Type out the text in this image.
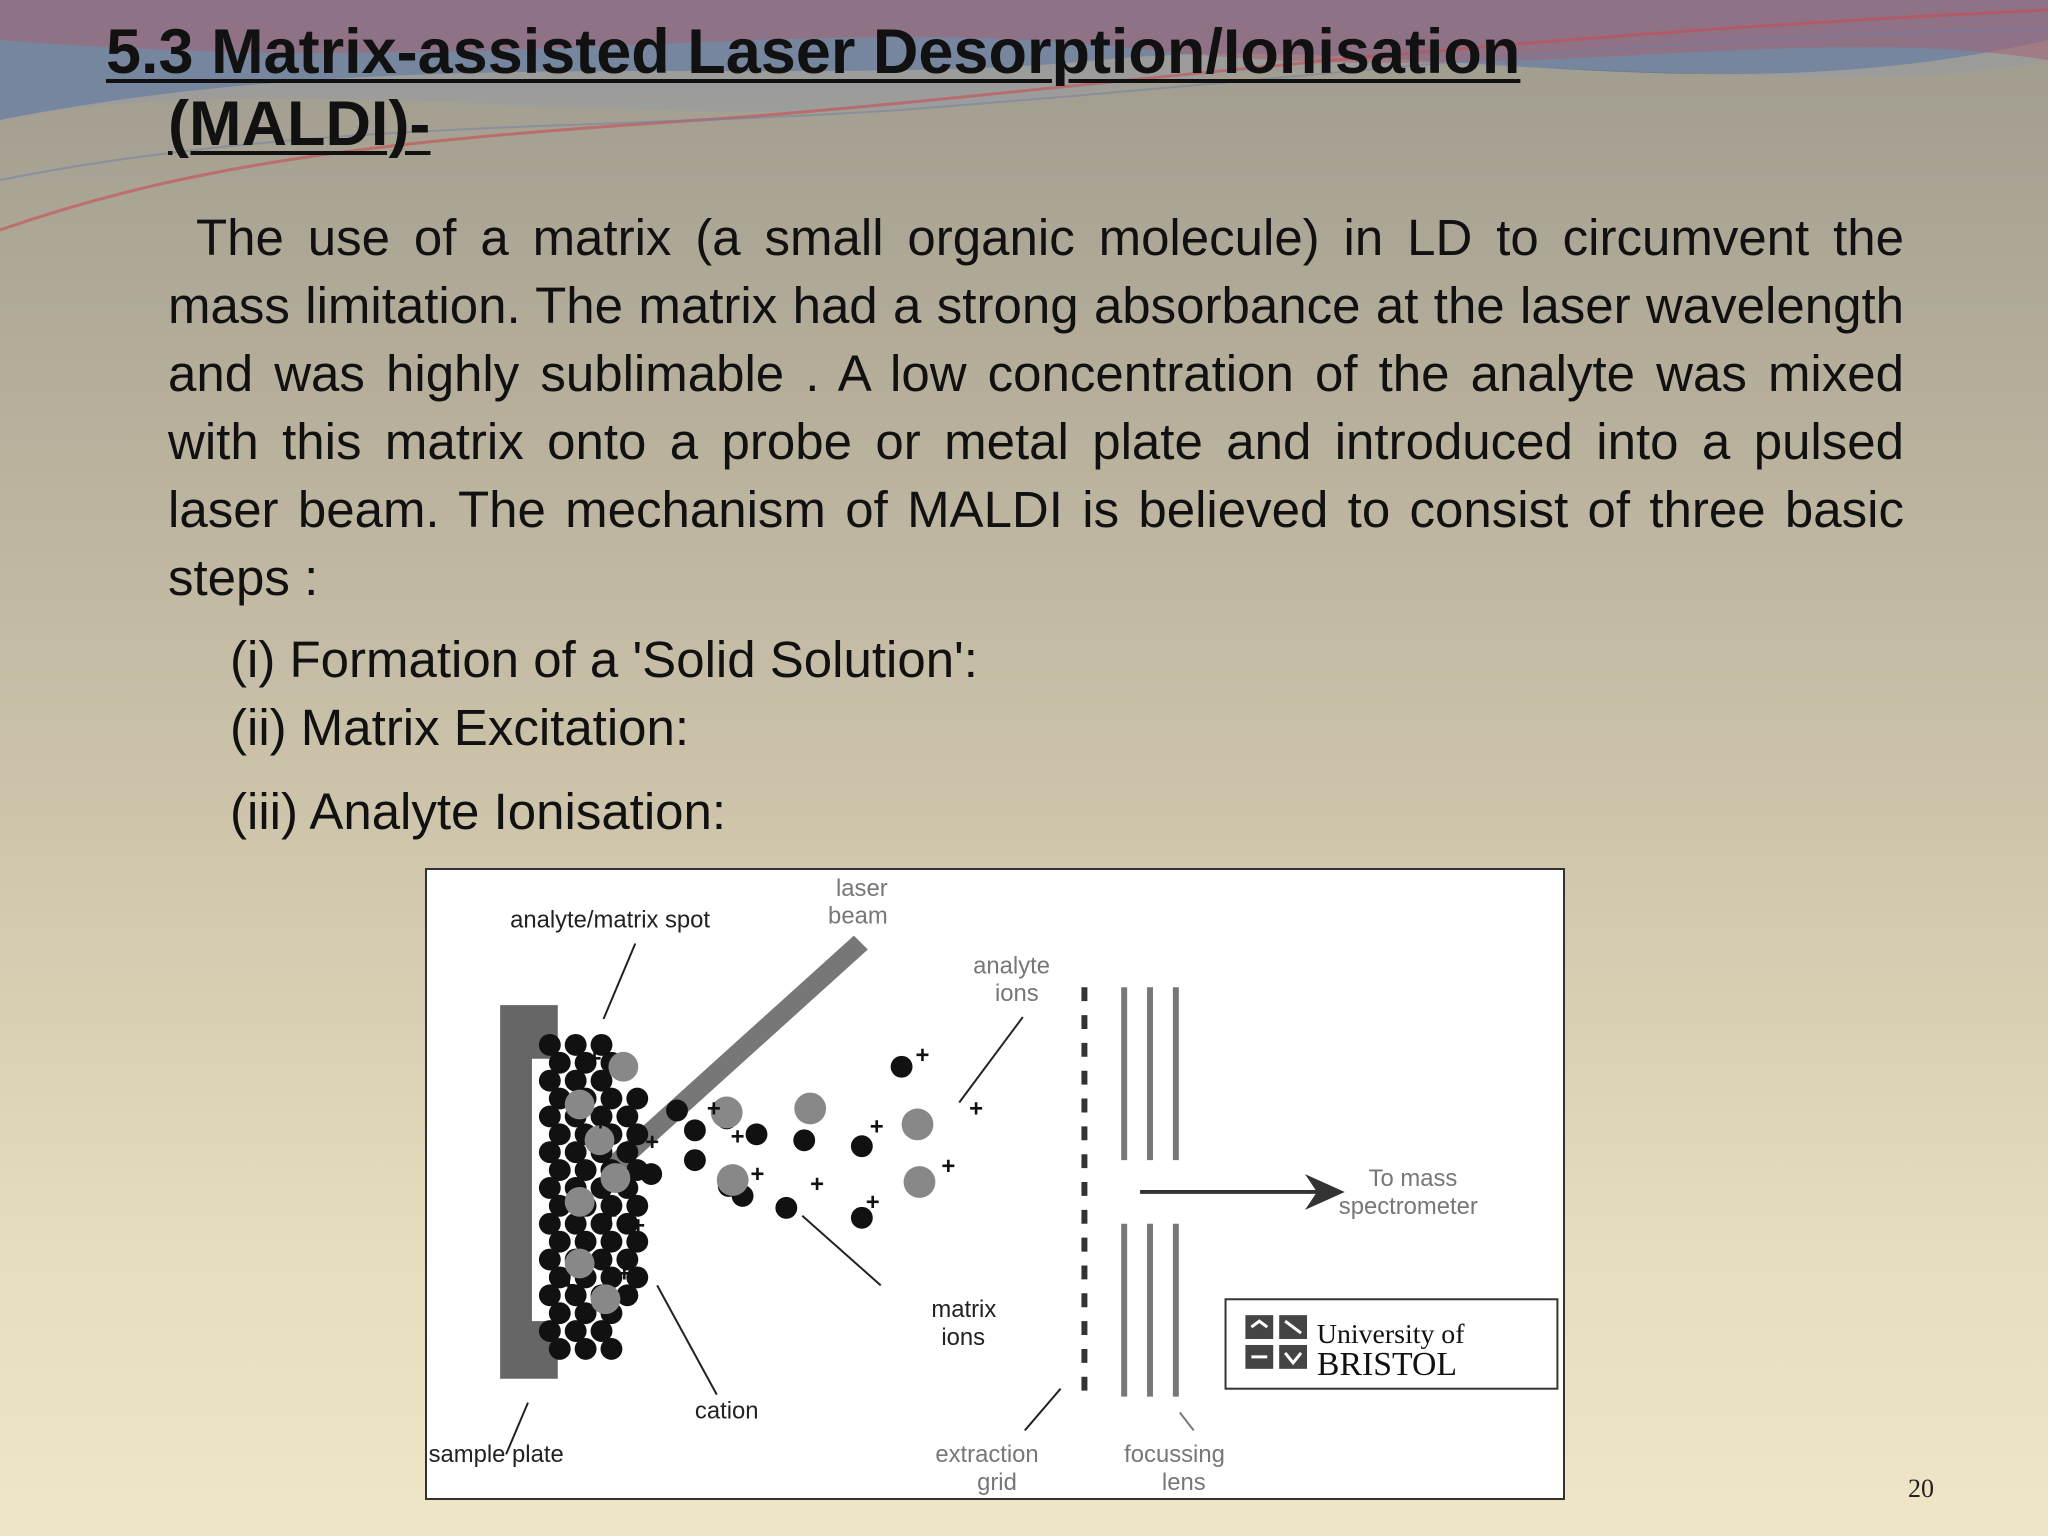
5.3 Matrix-assisted Laser Desorption/Ionisation
(MALDI)-

The use of a matrix (a small organic molecule) in LD to circumvent the mass limitation. The matrix had a strong absorbance at the laser wavelength and was highly sublimable . A low concentration of the analyte was mixed with this matrix onto a probe or metal plate and introduced into a pulsed laser beam. The mechanism of MALDI is believed to consist of three basic steps :

(i) Formation of a 'Solid Solution':

(ii) Matrix Excitation:

(iii) Analyte Ionisation:

+
+
+
+
+
+
+
+
+
+ +
+
+
+
+
+
+
analyte/matrix spot
laser
beam
analyte
ions
To mass
spectrometer
matrix
ions
cation
sample plate	extraction
grid
focussing
lens
University of
BRISTOL
20
